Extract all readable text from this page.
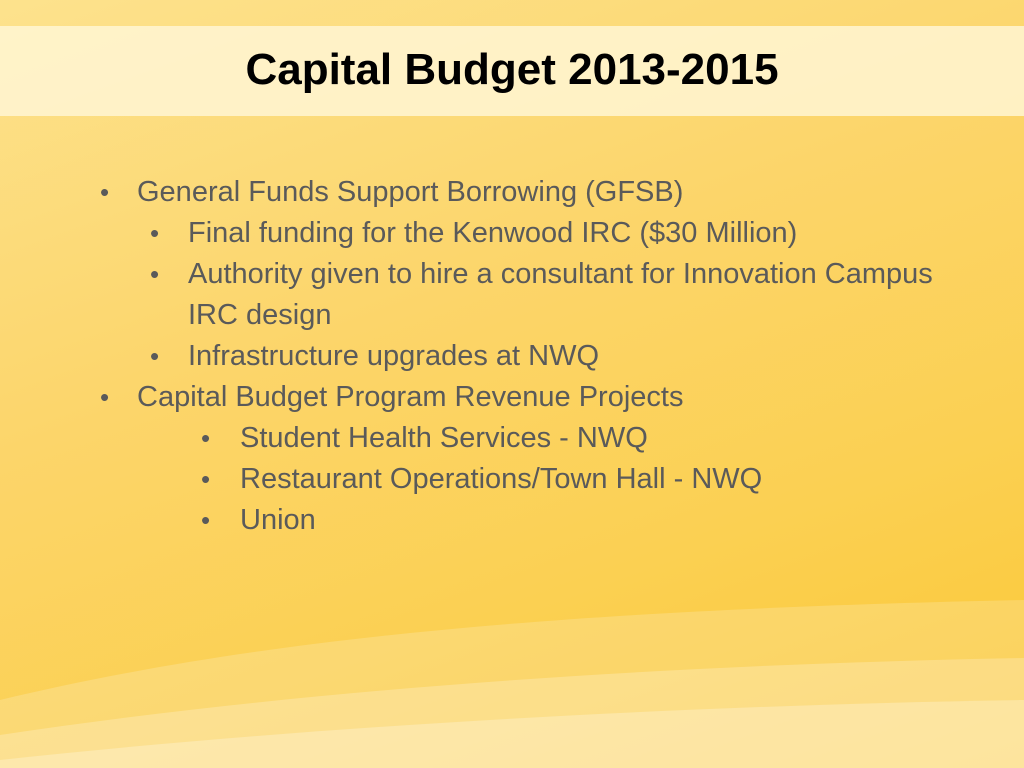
Capital Budget 2013-2015
• General Funds Support Borrowing (GFSB)
• Final funding for the Kenwood IRC ($30 Million)
• Authority given to hire a consultant for Innovation Campus IRC design
• Infrastructure upgrades at NWQ
• Capital Budget Program Revenue Projects
• Student Health Services - NWQ
• Restaurant Operations/Town Hall - NWQ
• Union
